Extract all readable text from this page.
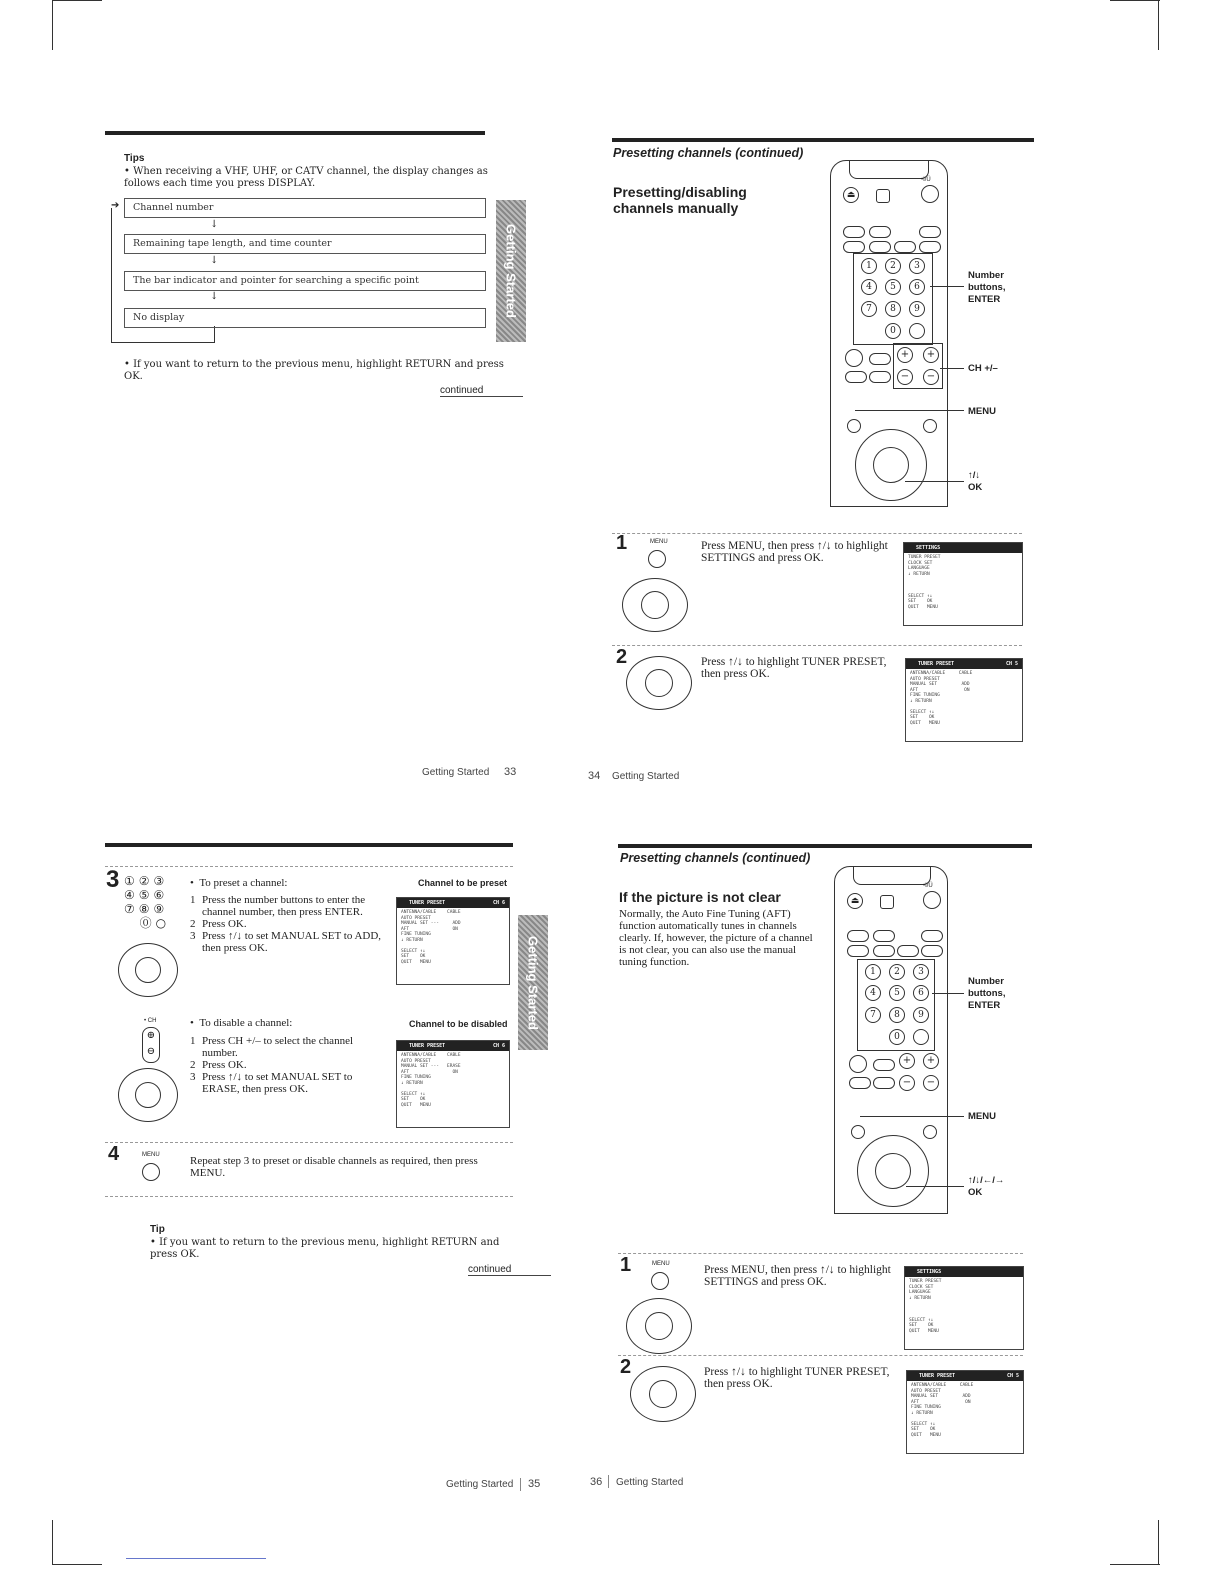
Tips
• When receiving a VHF, UHF, or CATV channel, the display changes as follows each time you press DISPLAY.
➔	Channel number
↓
Remaining tape length, and time counter
↓
The bar indicator and pointer for searching a specific point
↓
No display	Getting Started
• If you want to return to the previous menu, highlight RETURN and press OK.
continued
Getting Started 33
Presetting channels (continued)
Presetting/disabling channels manually
•I/Ü
⏏
1	2	3
4	5	6
7	8	9
0
+	+
−	−
Number buttons, ENTER
CH +/–
MENU
↑/↓
OK
1	MENU	Press MENU, then press ↑/↓ to highlight SETTINGS and press OK.
SETTINGS
TUNER PRESET
CLOCK SET
LANGUAGE
↓ RETURN

SELECT ↑↓
SET    OK
QUIT   MENU
2	Press ↑/↓ to highlight TUNER PRESET, then press OK.
TUNER PRESET	CH 5
ANTENNA/CABLE     CABLE
AUTO PRESET
MANUAL SET         ADD
AFT                 ON
FINE TUNING
↓ RETURN

SELECT ↑↓
SET    OK
QUIT   MENU
34 Getting Started
3 ①②③
④⑤⑥
⑦⑧⑨
⓪○
•  To preset a channel:
1 Press the number buttons to enter the channel number, then press ENTER.
2 Press OK.
3 Press ↑/↓ to set MANUAL SET to ADD, then press OK.
Channel to be preset
TUNER PRESET	CH 6
ANTENNA/CABLE    CABLE
AUTO PRESET
MANUAL SET ---     ADD
AFT                ON
FINE TUNING
↓ RETURN

SELECT ↑↓
SET    OK
QUIT   MENU	Getting Started
• CH
⊕
⊖
•  To disable a channel:
1 Press CH +/– to select the channel number.
2 Press OK.
3 Press ↑/↓ to set MANUAL SET to ERASE, then press OK.
Channel to be disabled
TUNER PRESET	CH 6
ANTENNA/CABLE    CABLE
AUTO PRESET
MANUAL SET ---   ERASE
AFT                ON
FINE TUNING
↓ RETURN

SELECT ↑↓
SET    OK
QUIT   MENU
4	MENU	Repeat step 3 to preset or disable channels as required, then press MENU.
Tip
• If you want to return to the previous menu, highlight RETURN and press OK.
continued
Getting Started 35
Presetting channels (continued)
If the picture is not clear
Normally, the Auto Fine Tuning (AFT) function automatically tunes in channels clearly. If, however, the picture of a channel is not clear, you can also use the manual tuning function.
•I/Ü
⏏
1	2	3
4	5	6
7	8	9
0
+	+
−	−
Number buttons, ENTER
MENU
↑/↓/←/→
OK
1	MENU	Press MENU, then press ↑/↓ to highlight SETTINGS and press OK.
SETTINGS
TUNER PRESET
CLOCK SET
LANGUAGE
↓ RETURN

SELECT ↑↓
SET    OK
QUIT   MENU
2	Press ↑/↓ to highlight TUNER PRESET, then press OK.
TUNER PRESET	CH 5
ANTENNA/CABLE     CABLE
AUTO PRESET
MANUAL SET         ADD
AFT                 ON
FINE TUNING
↓ RETURN

SELECT ↑↓
SET    OK
QUIT   MENU
36 Getting Started
